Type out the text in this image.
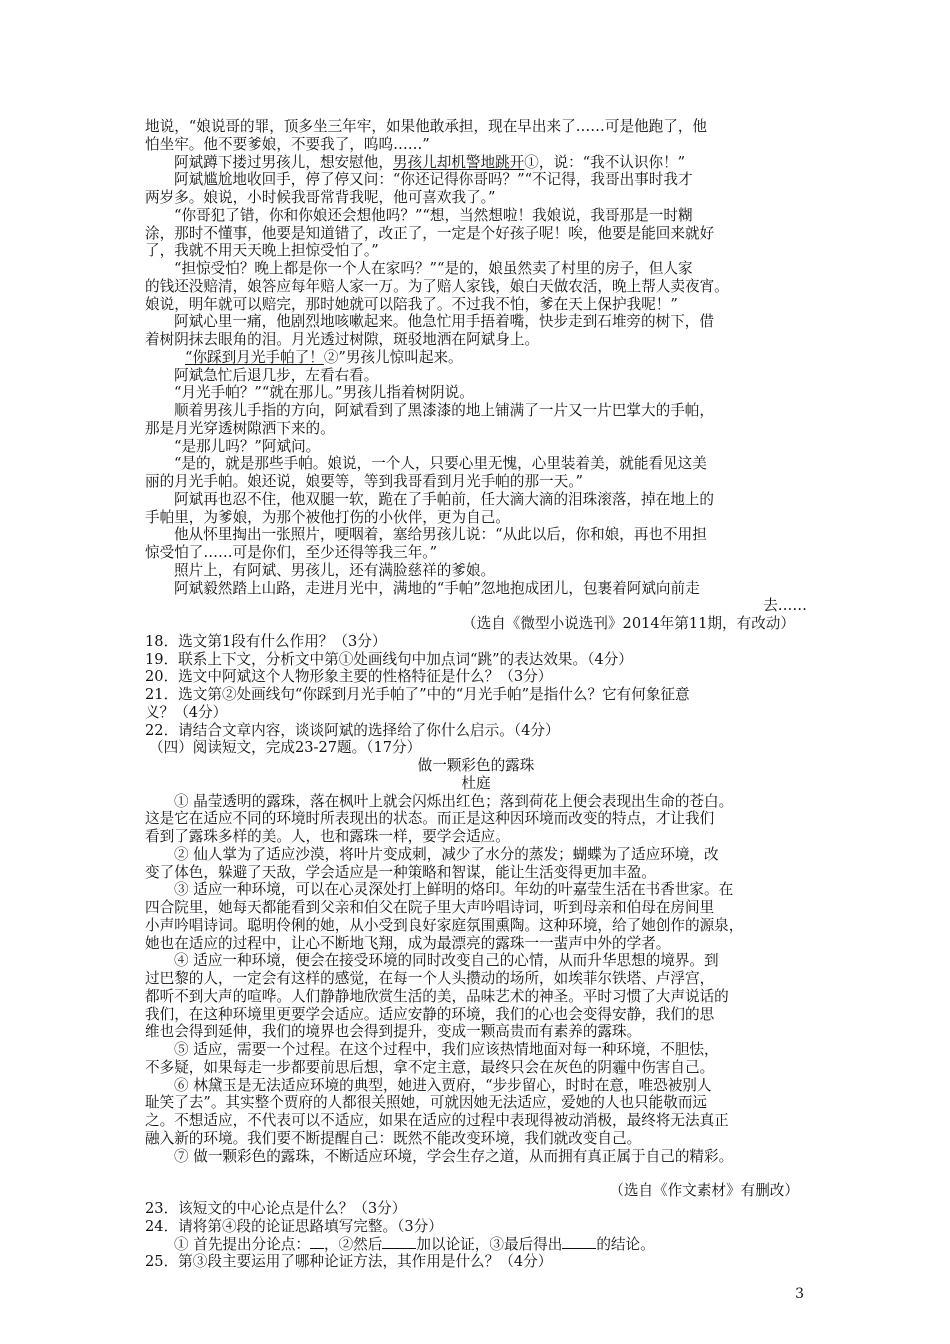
地说，“娘说哥的罪，顶多坐三年牢，如果他敢承担，现在早出来了……可是他跑了，他
怕坐牢。他不要爹娘，不要我了，呜呜……”
阿斌蹲下搂过男孩儿，想安慰他，男孩儿却机警地跳开①，说：“我不认识你！”
阿斌尴尬地收回手，停了停又问：“你还记得你哥吗？”“不记得，我哥出事时我才
两岁多。娘说，小时候我哥常背我呢，他可喜欢我了。”
“你哥犯了错，你和你娘还会想他吗？”“想，当然想啦！我娘说，我哥那是一时糊
涂，那时不懂事，他要是知道错了，改正了，一定是个好孩子呢！唉，他要是能回来就好
了，我就不用天天晚上担惊受怕了。”
“担惊受怕？晚上都是你一个人在家吗？”“是的，娘虽然卖了村里的房子，但人家
的钱还没赔清，娘答应每年赔人家一万。为了赔人家钱，娘白天做农活，晚上帮人卖夜宵。
娘说，明年就可以赔完，那时她就可以陪我了。不过我不怕，爹在天上保护我呢！”
阿斌心里一痛，他剧烈地咳嗽起来。他急忙用手捂着嘴，快步走到石堆旁的树下，借
着树阴抹去眼角的泪。月光透过树隙，斑驳地洒在阿斌身上。
“你踩到月光手帕了！②”男孩儿惊叫起来。
阿斌急忙后退几步，左看右看。
“月光手帕？”“就在那儿。”男孩儿指着树阴说。
顺着男孩儿手指的方向，阿斌看到了黑漆漆的地上铺满了一片又一片巴掌大的手帕，
那是月光穿透树隙洒下来的。
“是那儿吗？”阿斌问。
“是的，就是那些手帕。娘说，一个人，只要心里无愧，心里装着美，就能看见这美
丽的月光手帕。娘还说，娘要等，等到我哥看到月光手帕的那一天。”
阿斌再也忍不住，他双腿一软，跪在了手帕前，任大滴大滴的泪珠滚落，掉在地上的
手帕里，为爹娘，为那个被他打伤的小伙伴，更为自己。
他从怀里掏出一张照片，哽咽着，塞给男孩儿说：“从此以后，你和娘，再也不用担
惊受怕了……可是你们，至少还得等我三年。”
照片上，有阿斌、男孩儿，还有满脸慈祥的爹娘。
阿斌毅然踏上山路，走进月光中，满地的“手帕”忽地抱成团儿，包裹着阿斌向前走
去……
（选自《微型小说选刊》2014年第11期，有改动）
18．选文第1段有什么作用？（3分）
19．联系上下文，分析文中第①处画线句中加点词“跳”的表达效果。（4分）
20．选文中阿斌这个人物形象主要的性格特征是什么？（3分）
21．选文第②处画线句“你踩到月光手帕了”中的“月光手帕”是指什么？它有何象征意
义？（4分）
22．请结合文章内容，谈谈阿斌的选择给了你什么启示。（4分）
（四）阅读短文，完成23-27题。（17分）
做一颗彩色的露珠
杜庭
① 晶莹透明的露珠，落在枫叶上就会闪烁出红色；落到荷花上便会表现出生命的苍白。
这是它在适应不同的环境时所表现出的状态。而正是这种因环境而改变的特点，才让我们
看到了露珠多样的美。人，也和露珠一样，要学会适应。
② 仙人掌为了适应沙漠，将叶片变成刺，减少了水分的蒸发；蝴蝶为了适应环境，改
变了体色，躲避了天敌，学会适应是一种策略和智谋，能让生活变得更加丰盈。
③ 适应一种环境，可以在心灵深处打上鲜明的烙印。年幼的叶嘉莹生活在书香世家。在
四合院里，她每天都能看到父亲和伯父在院子里大声吟唱诗词，听到母亲和伯母在房间里
小声吟唱诗词。聪明伶俐的她，从小受到良好家庭氛围熏陶。这种环境，给了她创作的源泉，
她也在适应的过程中，让心不断地飞翔，成为最漂亮的露珠一一蜚声中外的学者。
④ 适应一种环境，便会在接受环境的同时改变自己的心情，从而升华思想的境界。到
过巴黎的人，一定会有这样的感觉，在每一个人头攒动的场所，如埃菲尔铁塔、卢浮宫，
都听不到大声的喧哗。人们静静地欣赏生活的美，品味艺术的神圣。平时习惯了大声说话的
我们，在这种环境里更要学会适应。适应安静的环境，我们的心也会变得安静，我们的思
维也会得到延伸，我们的境界也会得到提升，变成一颗高贵而有素养的露珠。
⑤ 适应，需要一个过程。在这个过程中，我们应该热情地面对每一种环境，不胆怯，
不多疑，如果每走一步都要前思后想，拿不定主意，最终只会在灰色的阴霾中伤害自己。
⑥ 林黛玉是无法适应环境的典型，她进入贾府，“步步留心，时时在意，唯恐被别人
耻笑了去”。其实整个贾府的人都很关照她，可就因她无法适应，爱她的人也只能敬而远
之。不想适应，不代表可以不适应，如果在适应的过程中表现得被动消极，最终将无法真正
融入新的环境。我们要不断提醒自己：既然不能改变环境，我们就改变自己。
⑦ 做一颗彩色的露珠，不断适应环境，学会生存之道，从而拥有真正属于自己的精彩。
（选自《作文素材》有删改）
23．该短文的中心论点是什么？（3分）
24．请将第④段的论证思路填写完整。（3分）
① 首先提出分论点： ，②然后 加以论证，③最后得出 的结论。
25．第③段主要运用了哪种论证方法，其作用是什么？（4分）
3
